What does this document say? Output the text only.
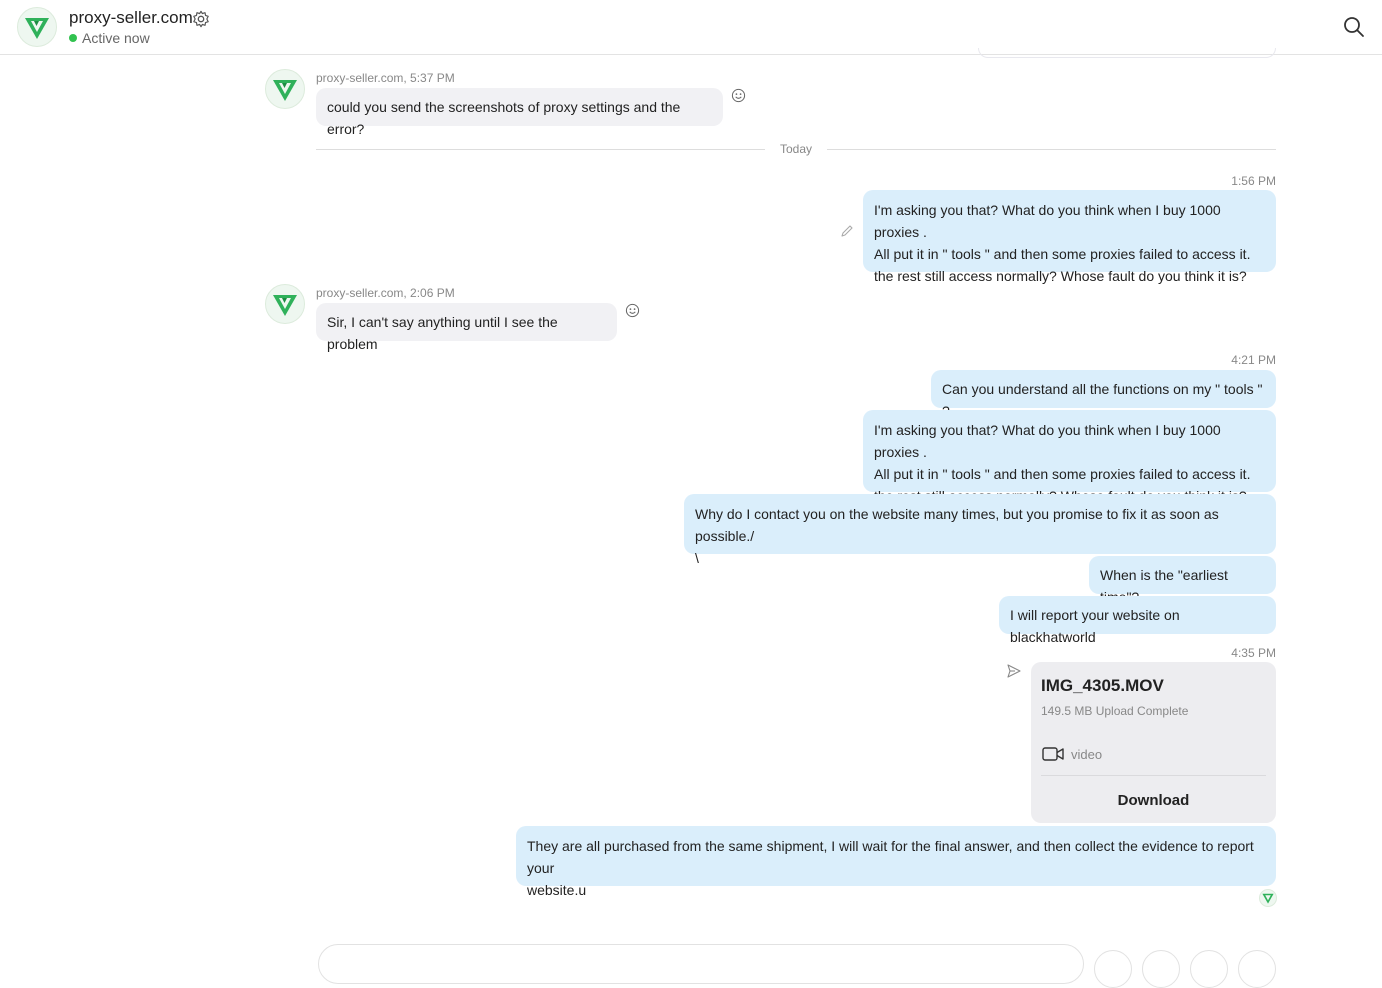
proxy-seller.com
Active now
proxy-seller.com, 5:37 PM
could you send the screenshots of proxy settings and the error?
Today
1:56 PM
I'm asking you that? What do you think when I buy 1000 proxies .
All put it in " tools " and then some proxies failed to access it.
the rest still access normally? Whose fault do you think it is?
proxy-seller.com, 2:06 PM
Sir, I can't say anything until I see the problem
4:21 PM
Can you understand all the functions on my " tools "
I'm asking you that? What do you think when I buy 1000 proxies .
All put it in " tools " and then some proxies failed to access it.
Why do I contact you on the website many times, but you promise to fix it as soon as possible./
\
When is the "earliest
I will report your website on blackhatworld
4:35 PM
IMG_4305.MOV
149.5 MB Upload Complete
video
Download
They are all purchased from the same shipment, I will wait for the final answer, and then collect the evidence to report your
website.u
